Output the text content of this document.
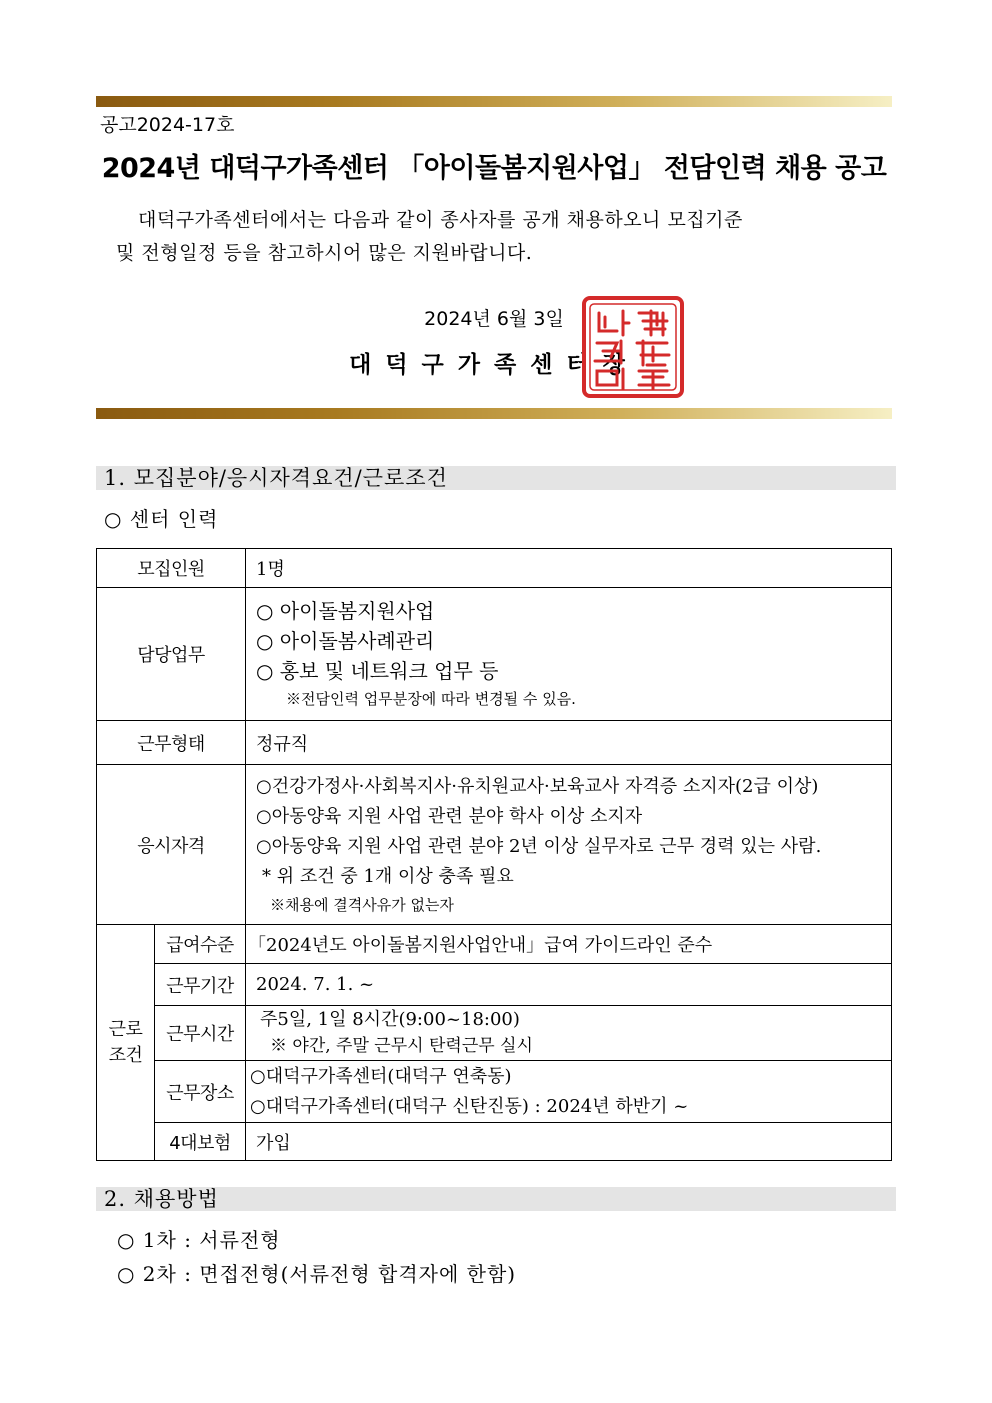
공고2024-17호
2024년 대덕구가족센터 「아이돌봄지원사업」 전담인력 채용 공고
대덕구가족센터에서는 다음과 같이 종사자를 공개 채용하오니 모집기준
및 전형일정 등을 참고하시어 많은 지원바랍니다.
2024년 6월 3일
대덕구가족센터장
1. 모집분야/응시자격요건/근로조건
○ 센터 인력
모집인원		1명
담당업무		○ 아이돌봄지원사업
○ 아이돌봄사례관리
○ 홍보 및 네트워크 업무 등
※전담인력 업무분장에 따라 변경될 수 있음.

근무형태		정규직
응시자격		○건강가정사·사회복지사·유치원교사·보육교사 자격증 소지자(2급 이상)
○아동양육 지원 사업 관련 분야 학사 이상 소지자
○아동양육 지원 사업 관련 분야 2년 이상 실무자로 근무 경력 있는 사람.
* 위 조건 중 1개 이상 충족 필요
※채용에 결격사유가 없는자

근로
조건	급여수준	「2024년도 아이돌봄지원사업안내」급여 가이드라인 준수
	근무기간	2024. 7. 1. ~
	근무시간	주5일, 1일 8시간(9:00~18:00)
※ 야간, 주말 근무시 탄력근무 실시

	근무장소	○대덕구가족센터(대덕구 연축동)
○대덕구가족센터(대덕구 신탄진동) : 2024년 하반기 ~

	4대보험	가입
2. 채용방법
○ 1차 : 서류전형
○ 2차 : 면접전형(서류전형 합격자에 한함)
